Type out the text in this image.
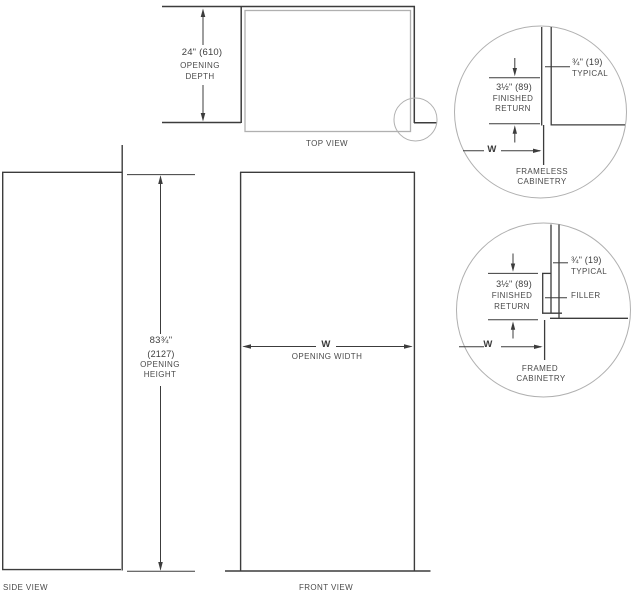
24" (610)
OPENING
DEPTH
TOP VIEW
83¾"
(2127)
OPENING
HEIGHT
W
OPENING WIDTH
SIDE VIEW	FRONT VIEW
¾" (19)
TYPICAL
3½" (89)
FINISHED
RETURN
W
FRAMELESS
CABINETRY
¾" (19)
TYPICAL
FILLER
3½" (89)
FINISHED
RETURN
W
FRAMED
CABINETRY
